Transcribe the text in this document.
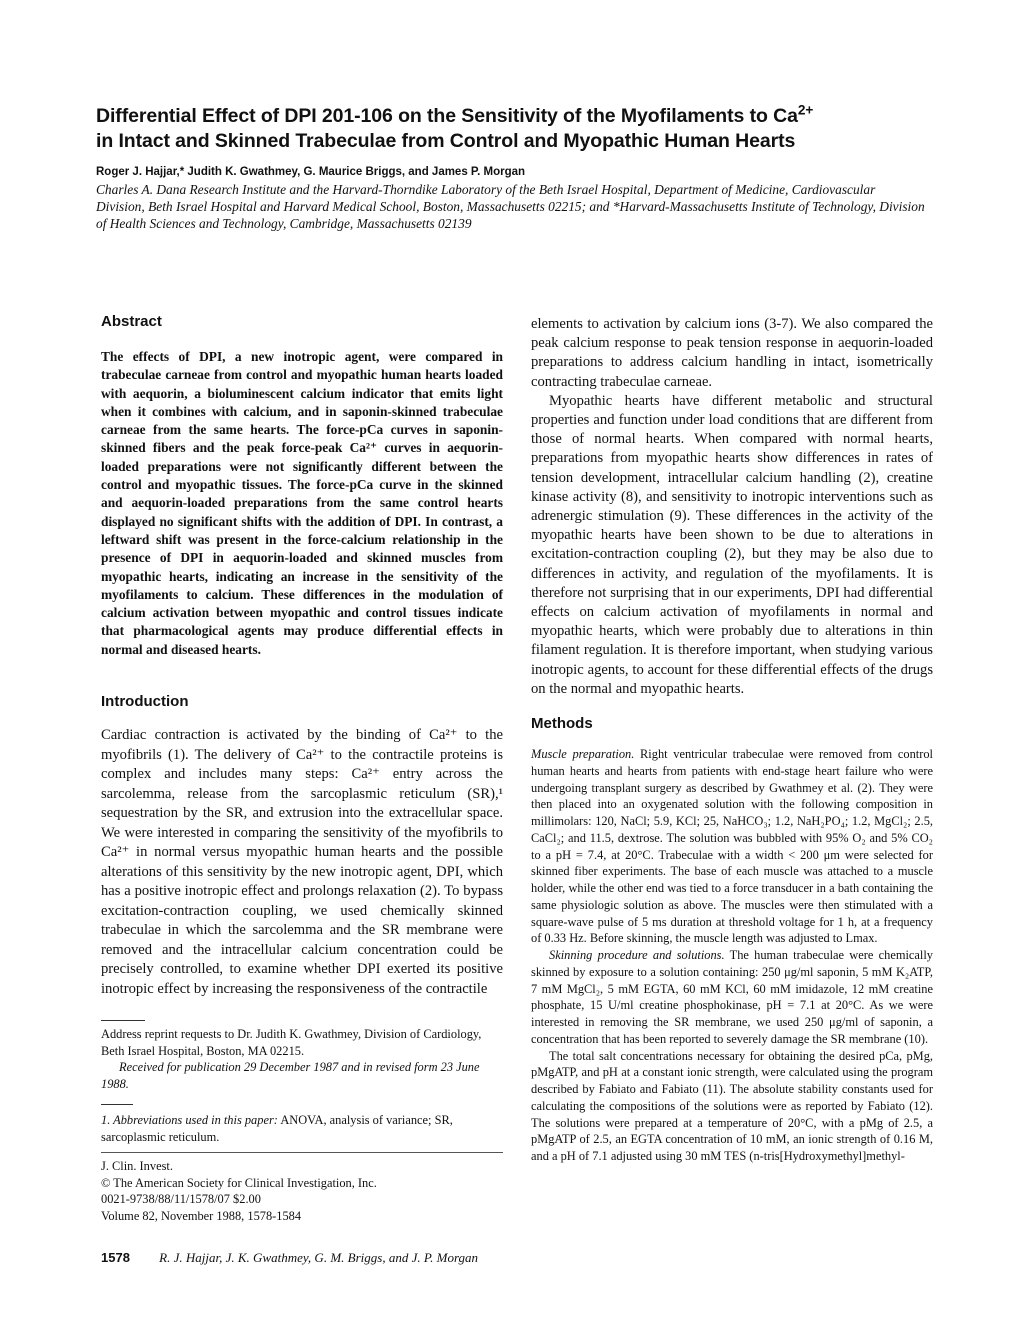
Differential Effect of DPI 201-106 on the Sensitivity of the Myofilaments to $Ca^{2+}$
in Intact and Skinned Trabeculae from Control and Myopathic Human Hearts
Roger J. Hajjar,* Judith K. Gwathmey, G. Maurice Briggs, and James P. Morgan
Charles A. Dana Research Institute and the Harvard-Thorndike Laboratory of the Beth Israel Hospital, Department of Medicine, Cardiovascular Division, Beth Israel Hospital and Harvard Medical School, Boston, Massachusetts 02215; and *Harvard-Massachusetts Institute of Technology, Division of Health Sciences and Technology, Cambridge, Massachusetts 02139
Abstract

The effects of DPI, a new inotropic agent, were compared in trabeculae carneae from control and myopathic human hearts loaded with aequorin, a bioluminescent calcium indicator that emits light when it combines with calcium, and in saponin-skinned trabeculae carneae from the same hearts. The force-pCa curves in saponin-skinned fibers and the peak force-peak Ca²⁺ curves in aequorin-loaded preparations were not significantly different between the control and myopathic tissues. The force-pCa curve in the skinned and aequorin-loaded preparations from the same control hearts displayed no significant shifts with the addition of DPI. In contrast, a leftward shift was present in the force-calcium relationship in the presence of DPI in aequorin-loaded and skinned muscles from myopathic hearts, indicating an increase in the sensitivity of the myofilaments to calcium. These differences in the modulation of calcium activation between myopathic and control tissues indicate that pharmacological agents may produce differential effects in normal and diseased hearts.

Introduction

Cardiac contraction is activated by the binding of Ca²⁺ to the myofibrils (1). The delivery of Ca²⁺ to the contractile proteins is complex and includes many steps: Ca²⁺ entry across the sarcolemma, release from the sarcoplasmic reticulum (SR),¹ sequestration by the SR, and extrusion into the extracellular space. We were interested in comparing the sensitivity of the myofibrils to Ca²⁺ in normal versus myopathic human hearts and the possible alterations of this sensitivity by the new inotropic agent, DPI, which has a positive inotropic effect and prolongs relaxation (2). To bypass excitation-contraction coupling, we used chemically skinned trabeculae in which the sarcolemma and the SR membrane were removed and the intracellular calcium concentration could be precisely controlled, to examine whether DPI exerted its positive inotropic effect by increasing the responsiveness of the contractile

Address reprint requests to Dr. Judith K. Gwathmey, Division of Cardiology, Beth Israel Hospital, Boston, MA 02215.

Received for publication 29 December 1987 and in revised form 23 June 1988.

1. Abbreviations used in this paper: ANOVA, analysis of variance; SR, sarcoplasmic reticulum.

J. Clin. Invest.

© The American Society for Clinical Investigation, Inc.

0021-9738/88/11/1578/07 $2.00

Volume 82, November 1988, 1578-1584

elements to activation by calcium ions (3-7). We also compared the peak calcium response to peak tension response in aequorin-loaded preparations to address calcium handling in intact, isometrically contracting trabeculae carneae.

Myopathic hearts have different metabolic and structural properties and function under load conditions that are different from those of normal hearts. When compared with normal hearts, preparations from myopathic hearts show differences in rates of tension development, intracellular calcium handling (2), creatine kinase activity (8), and sensitivity to inotropic interventions such as adrenergic stimulation (9). These differences in the activity of the myopathic hearts have been shown to be due to alterations in excitation-contraction coupling (2), but they may be also due to differences in activity, and regulation of the myofilaments. It is therefore not surprising that in our experiments, DPI had differential effects on calcium activation of myofilaments in normal and myopathic hearts, which were probably due to alterations in thin filament regulation. It is therefore important, when studying various inotropic agents, to account for these differential effects of the drugs on the normal and myopathic hearts.

Methods

Muscle preparation. Right ventricular trabeculae were removed from control human hearts and hearts from patients with end-stage heart failure who were undergoing transplant surgery as described by Gwathmey et al. (2). They were then placed into an oxygenated solution with the following composition in millimolars: 120, NaCl; 5.9, KCl; 25, NaHCO₃; 1.2, NaH₂PO₄; 1.2, MgCl₂; 2.5, CaCl₂; and 11.5, dextrose. The solution was bubbled with 95% O₂ and 5% CO₂ to a pH = 7.4, at 20°C. Trabeculae with a width < 200 μm were selected for skinned fiber experiments. The base of each muscle was attached to a muscle holder, while the other end was tied to a force transducer in a bath containing the same physiologic solution as above. The muscles were then stimulated with a square-wave pulse of 5 ms duration at threshold voltage for 1 h, at a frequency of 0.33 Hz. Before skinning, the muscle length was adjusted to Lmax.

Skinning procedure and solutions. The human trabeculae were chemically skinned by exposure to a solution containing: 250 μg/ml saponin, 5 mM K₂ATP, 7 mM MgCl₂, 5 mM EGTA, 60 mM KCl, 60 mM imidazole, 12 mM creatine phosphate, 15 U/ml creatine phosphokinase, pH = 7.1 at 20°C. As we were interested in removing the SR membrane, we used 250 μg/ml of saponin, a concentration that has been reported to severely damage the SR membrane (10).

The total salt concentrations necessary for obtaining the desired pCa, pMg, pMgATP, and pH at a constant ionic strength, were calculated using the program described by Fabiato and Fabiato (11). The absolute stability constants used for calculating the compositions of the solutions were as reported by Fabiato (12). The solutions were prepared at a temperature of 20°C, with a pMg of 2.5, a pMgATP of 2.5, an EGTA concentration of 10 mM, an ionic strength of 0.16 M, and a pH of 7.1 adjusted using 30 mM TES (n-tris[Hydroxymethyl]methyl-

1578 R. J. Hajjar, J. K. Gwathmey, G. M. Briggs, and J. P. Morgan
